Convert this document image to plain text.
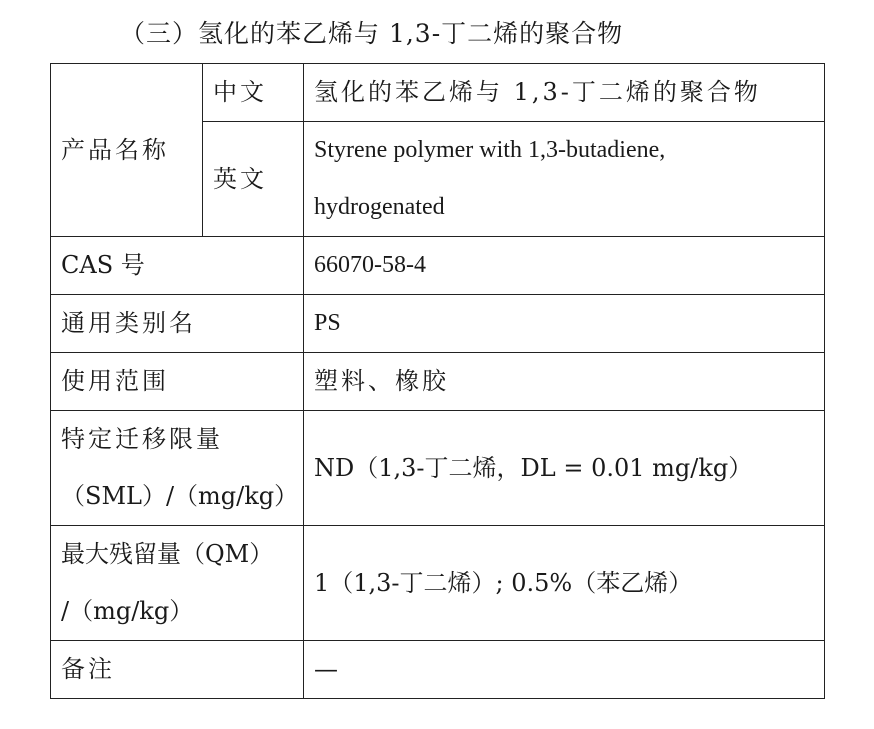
（三）氢化的苯乙烯与 1,3-丁二烯的聚合物
产品名称	中文	氢化的苯乙烯与 1,3-丁二烯的聚合物
	英文	Styrene polymer with 1,3-butadiene,
hydrogenated

CAS 号		66070-58-4
通用类别名		PS
使用范围		塑料、橡胶

特定迁移限量
（SML）/（mg/kg）		ND（1,3-丁二烯，DL = 0.01 mg/kg）

最大残留量（QM）
/（mg/kg）		1（1,3-丁二烯）; 0.5%（苯乙烯）
备注		—
